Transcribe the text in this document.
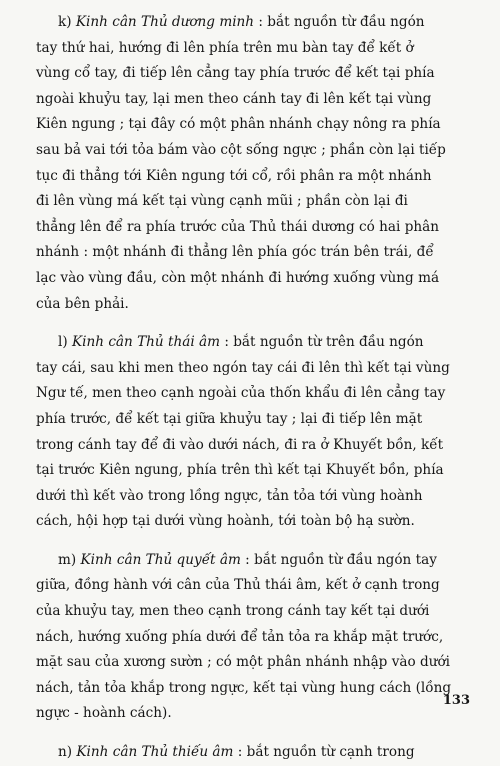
k) Kinh cân Thủ dương minh : bắt nguồn từ đầu ngón
tay thứ hai, hướng đi lên phía trên mu bàn tay để kết ở
vùng cổ tay, đi tiếp lên cẳng tay phía trước để kết tại phía
ngoài khuỷu tay, lại men theo cánh tay đi lên kết tại vùng
Kiên ngung ; tại đây có một phân nhánh chạy nông ra phía
sau bả vai tới tỏa bám vào cột sống ngực ; phần còn lại tiếp
tục đi thẳng tới Kiên ngung tới cổ, rồi phân ra một nhánh
đi lên vùng má kết tại vùng cạnh mũi ; phần còn lại đi
thẳng lên để ra phía trước của Thủ thái dương có hai phân
nhánh : một nhánh đi thẳng lên phía góc trán bên trái, để
lạc vào vùng đầu, còn một nhánh đi hướng xuống vùng má
của bên phải.

l) Kinh cân Thủ thái âm : bắt nguồn từ trên đầu ngón
tay cái, sau khi men theo ngón tay cái đi lên thì kết tại vùng
Ngư tế, men theo cạnh ngoài của thốn khẩu đi lên cẳng tay
phía trước, để kết tại giữa khuỷu tay ; lại đi tiếp lên mặt
trong cánh tay để đi vào dưới nách, đi ra ở Khuyết bồn, kết
tại trước Kiên ngung, phía trên thì kết tại Khuyết bồn, phía
dưới thì kết vào trong lồng ngực, tản tỏa tới vùng hoành
cách, hội hợp tại dưới vùng hoành, tới toàn bộ hạ sườn.

m) Kinh cân Thủ quyết âm : bắt nguồn từ đầu ngón tay
giữa, đồng hành với cân của Thủ thái âm, kết ở cạnh trong
của khuỷu tay, men theo cạnh trong cánh tay kết tại dưới
nách, hướng xuống phía dưới để tản tỏa ra khắp mặt trước,
mặt sau của xương sườn ; có một phân nhánh nhập vào dưới
nách, tản tỏa khắp trong ngực, kết tại vùng hung cách (lồng
ngực - hoành cách).

n) Kinh cân Thủ thiếu âm : bắt nguồn từ cạnh trong

133
